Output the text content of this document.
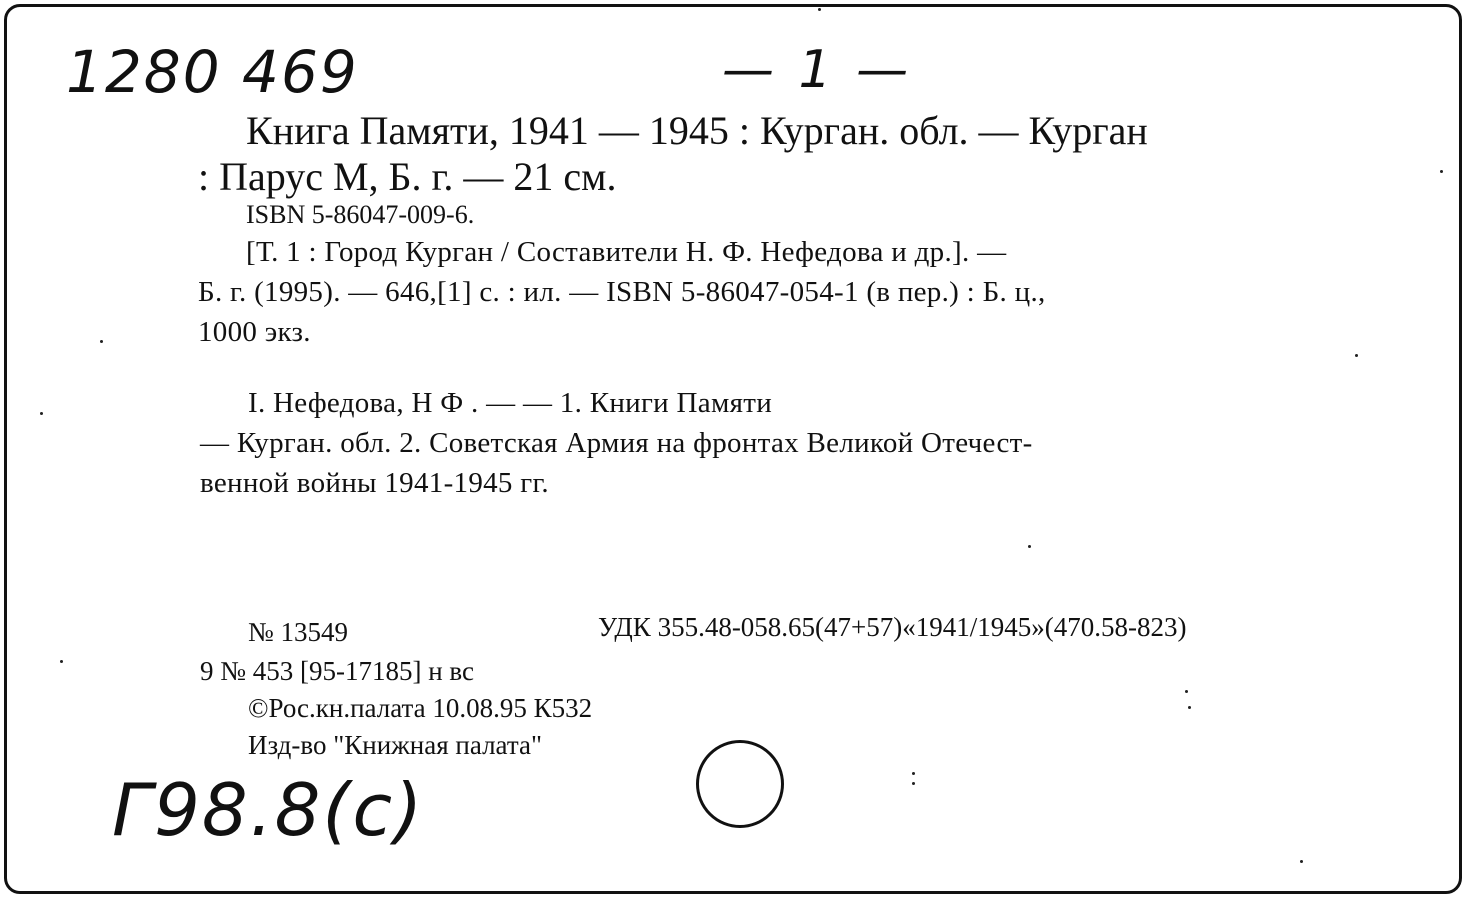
1280 469	— 1 —
Г98.8(c)
Книга Памяти, 1941 — 1945 : Курган. обл. — Курган
: Парус М, Б. г. — 21 см.
ISBN 5-86047-009-6.
[Т. 1 : Город Курган / Составители Н. Ф. Нефедова и др.]. —
Б. г. (1995). — 646,[1] с. : ил. — ISBN 5-86047-054-1 (в пер.) : Б. ц.,
1000 экз.
I. Нефедова, Н Ф . — — 1. Книги Памяти
— Курган. обл. 2. Советская Армия на фронтах Великой Отечест-
венной войны 1941-1945 гг.
№ 13549	УДК 355.48-058.65(47+57)«1941/1945»(470.58-823)
9 № 453 [95-17185] н вс
©Рос.кн.палата 10.08.95 К532
Изд-во "Книжная палата"
